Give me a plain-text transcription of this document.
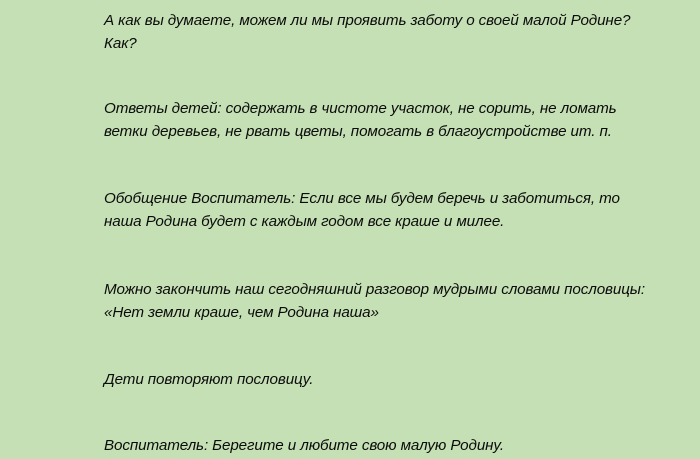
А как вы думаете, можем ли мы проявить заботу о своей малой Родине?
Как?

Ответы детей: содержать в чистоте участок, не сорить, не ломать
ветки деревьев, не рвать цветы, помогать в благоустройстве ит. п.

Обобщение Воспитатель: Если все мы будем беречь и заботиться, то
наша Родина будет с каждым годом все краше и милее.

Можно закончить наш сегодняшний разговор мудрыми словами пословицы:
«Нет земли краше, чем Родина наша»

Дети повторяют пословицу.

Воспитатель: Берегите и любите свою малую Родину.
